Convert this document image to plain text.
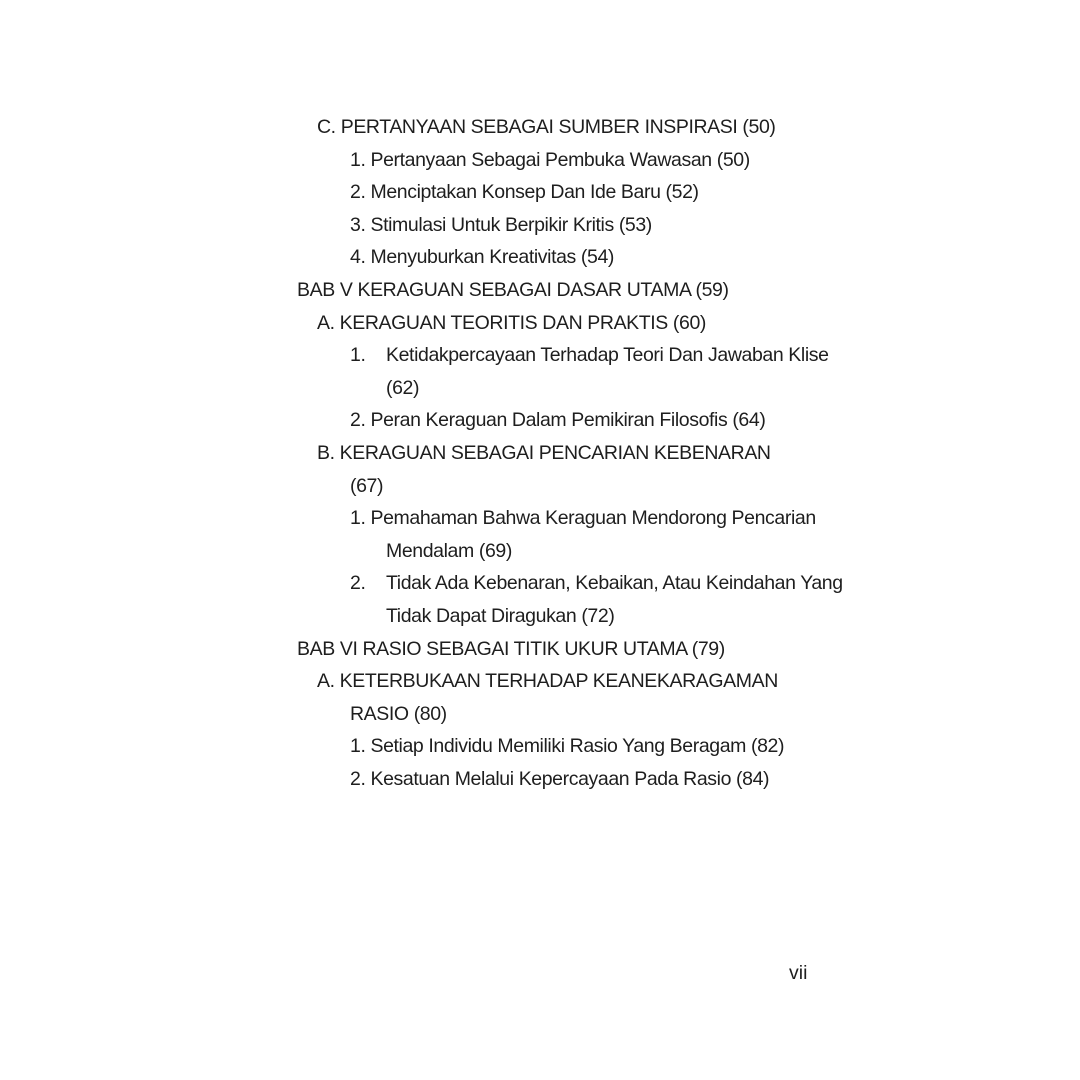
C. PERTANYAAN SEBAGAI SUMBER INSPIRASI (50)
1. Pertanyaan Sebagai Pembuka Wawasan (50)
2. Menciptakan Konsep Dan Ide Baru (52)
3. Stimulasi Untuk Berpikir Kritis (53)
4. Menyuburkan Kreativitas (54)
BAB V KERAGUAN SEBAGAI DASAR UTAMA (59)
A. KERAGUAN TEORITIS DAN PRAKTIS (60)
1. Ketidakpercayaan Terhadap Teori Dan Jawaban Klise
(62)
2. Peran Keraguan Dalam Pemikiran Filosofis (64)
B. KERAGUAN SEBAGAI PENCARIAN KEBENARAN
(67)
1. Pemahaman Bahwa Keraguan Mendorong Pencarian
Mendalam (69)
2. Tidak Ada Kebenaran, Kebaikan, Atau Keindahan Yang
Tidak Dapat Diragukan (72)
BAB VI RASIO SEBAGAI TITIK UKUR UTAMA (79)
A. KETERBUKAAN TERHADAP KEANEKARAGAMAN
RASIO (80)
1. Setiap Individu Memiliki Rasio Yang Beragam (82)
2. Kesatuan Melalui Kepercayaan Pada Rasio (84)
vii
